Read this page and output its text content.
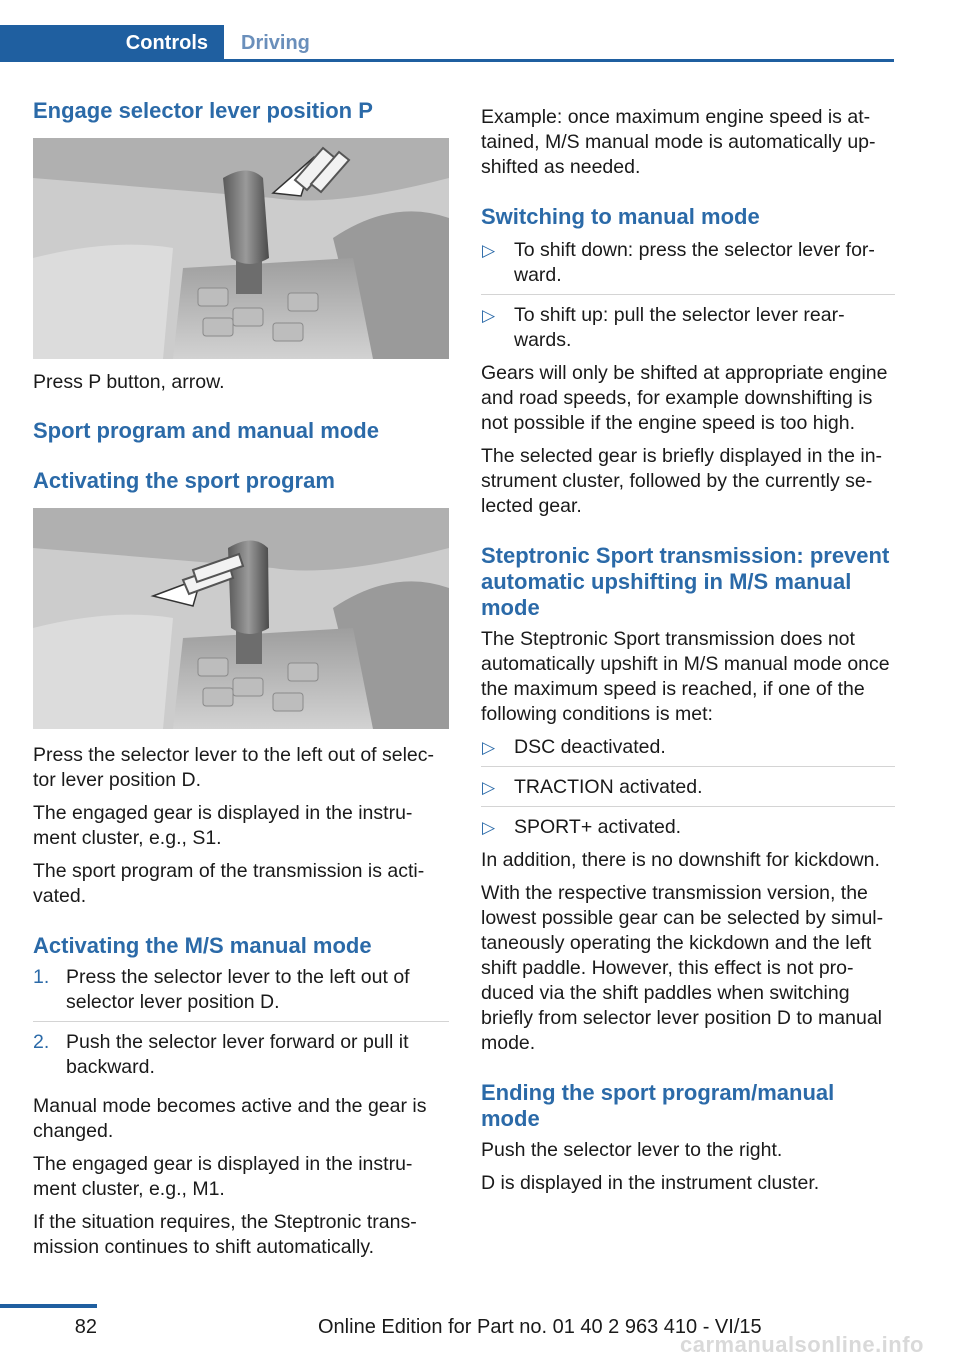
Controls	Driving
Engage selector lever position P

Press P button, arrow.

Sport program and manual mode
Activating the sport program

Press the selector lever to the left out of selec‐tor lever position D.

The engaged gear is displayed in the instru‐ment cluster, e.g., S1.

The sport program of the transmission is acti‐vated.

Activating the M/S manual mode
1. Press the selector lever to the left out of selector lever position D.
2. Push the selector lever forward or pull it backward.

Manual mode becomes active and the gear is changed.

The engaged gear is displayed in the instru‐ment cluster, e.g., M1.

If the situation requires, the Steptronic trans‐mission continues to shift automatically.

Example: once maximum engine speed is at‐tained, M/S manual mode is automatically up‐shifted as needed.

Switching to manual mode
▷ To shift down: press the selector lever for‐ward.
▷ To shift up: pull the selector lever rear‐wards.

Gears will only be shifted at appropriate engine and road speeds, for example downshifting is not possible if the engine speed is too high.

The selected gear is briefly displayed in the in‐strument cluster, followed by the currently se‐lected gear.

Steptronic Sport transmission: prevent automatic upshifting in M/S manual mode

The Steptronic Sport transmission does not automatically upshift in M/S manual mode once the maximum speed is reached, if one of the following conditions is met:

▷ DSC deactivated.
▷ TRACTION activated.
▷ SPORT+ activated.

In addition, there is no downshift for kickdown.

With the respective transmission version, the lowest possible gear can be selected by simul‐taneously operating the kickdown and the left shift paddle. However, this effect is not pro‐duced via the shift paddles when switching briefly from selector lever position D to manual mode.

Ending the sport program/manual mode

Push the selector lever to the right.

D is displayed in the instrument cluster.

82	Online Edition for Part no. 01 40 2 963 410 - VI/15
carmanualsonline.info
